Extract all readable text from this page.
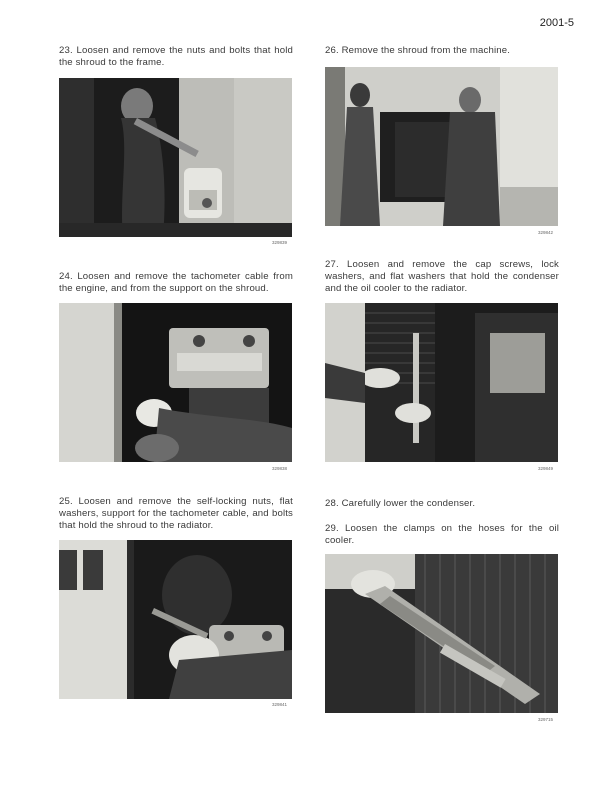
2001-5
23. Loosen and remove the nuts and bolts that hold the shroud to the frame.
329839
24. Loosen and remove the tachometer cable from the engine, and from the support on the shroud.
329838
25. Loosen and remove the self-locking nuts, flat washers, support for the tachometer cable, and bolts that hold the shroud to the radiator.
329841
26. Remove the shroud from the machine.
329842
27. Loosen and remove the cap screws, lock washers, and flat washers that hold the condenser and the oil cooler to the radiator.
329849
28. Carefully lower the condenser.
29. Loosen the clamps on the hoses for the oil cooler.
329715
